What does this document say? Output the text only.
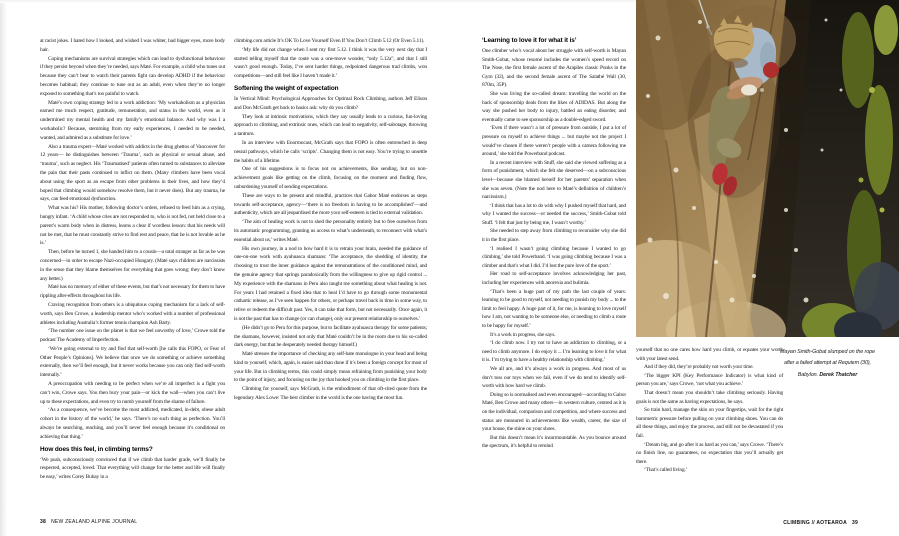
at racist jokes. I hated how I looked, and wished I was whiter, had bigger eyes, more body hair.

Coping mechanisms are survival strategies which can lead to dysfunctional behaviour if they persist beyond when they’re needed, says Maté. For example, a child who tunes out because they can’t bear to watch their parents fight can develop ADHD if the behaviour becomes habitual; they continue to tune out as an adult, even when they’re no longer exposed to something that’s too painful to watch.

Maté’s own coping strategy led to a work addiction: ‘My workaholism as a physician earned me much respect, gratitude, remuneration, and status in the world, even as it undermined my mental health and my family’s emotional balance. And why was I a workaholic? Because, stemming from my early experiences, I needed to be needed, wanted, and admired as a substitute for love.’

Also a trauma expert—Maté worked with addicts in the drug ghettos of Vancouver for 12 years— he distinguishes between ‘Trauma’, such as physical or sexual abuse, and ‘trauma’, such as neglect. His ‘Traumatised’ patients often turned to substances to alleviate the pain that their pasts continued to inflict on them. (Many climbers have been vocal about using the sport as an escape from other problems in their lives, and how they’d hoped that climbing would somehow resolve them, but it never does). But any trauma, he says, can feed emotional dysfunction.

What was his? His mother, following doctor’s orders, refused to feed him as a crying, hungry infant. ‘A child whose cries are not responded to, who is not fed, not held close to a parent’s warm body when in distress, learns a clear if wordless lesson: that his needs will not be met, that he must constantly strive to find rest and peace, that he is not lovable as he is.’

Then, before he turned 1, she handed him to a cousin—a total stranger as far as he was concerned—in order to escape Nazi-occupied Hungary. (Maté says children are narcissists in the sense that they blame themselves for everything that goes wrong; they don’t know any better.)

Maté has no memory of either of these events, but that’s not necessary for them to have rippling after-effects throughout his life.

Craving recognition from others is a ubiquitous coping mechanism for a lack of self-worth, says Ben Crowe, a leadership mentor who’s worked with a number of professional athletes including Australia’s former tennis champion Ash Barty.

‘The number one issue on the planet is that we feel unworthy of love,’ Crowe told the podcast The Academy of Imperfection.

‘We’re going external to try and find that self-worth [he calls this FOPO, or Fear of Other People’s Opinions]. We believe that once we do something or achieve something externally, then we’ll feel enough, but it never works because you can only find self-worth internally.’

A preoccupation with needing to be perfect when we’re all imperfect is a fight you can’t win, Crowe says. You then bury your pain—or kick the wall—when you can’t live up to these expectations, and even try to numb yourself from the shame of failure.

‘As a consequence, we’ve become the most addicted, medicated, in-debt, obese adult cohort in the history of the world,’ he says. ‘There’s no such thing as perfection. You’ll always be searching, reaching, and you’ll never feel enough because it’s conditional on achieving that thing.’

How does this feel, in climbing terms?

‘We push, subconsciously convinced that if we climb that harder grade, we’ll finally be respected, accepted, loved. That everything will change for the better and life will finally be easy,’ writes Corey Buhay in a

climbing.com article It’s OK To Love Yourself Even If You Don’t Climb 5.12 (Or Even 5.11).

‘My life did not change when I sent my first 5.12. I think it was the very next day that I started telling myself that the route was a one-move wonder, “only 5.12a”, and that I still wasn’t good enough. Today, I’ve sent harder things, redpointed dangerous trad climbs, won competitions—and still feel like I haven’t made it.’

Softening the weight of expectation

In Vertical Mind: Psychological Approaches for Optimal Rock Climbing, authors Jeff Elison and Don McGrath get back to basics ask: why do you climb?

They look at intrinsic motivations, which they say usually leads to a curious, fun-loving approach to climbing, and extrinsic ones, which can lead to negativity, self-sabotage, throwing a tantrum.

In an interview with Enormocast, McGrath says that FOPO is often entrenched in deep neural pathways, which he calls ‘scripts’. Changing them is not easy. You’re trying to unsettle the habits of a lifetime.

One of his suggestions is to focus not on achievements, like sending, but on non-achievement goals like getting on the climb, focusing on the moment and finding flow, unburdening yourself of sending expectations.

These are ways to be present and mindful, practices that Gabor Maté endorses as steps towards self-acceptance, agency—‘there is no freedom in having to be accomplished’—and authenticity, which are all jeopardised the more your self-esteem is tied to external validation.

‘The aim of healing work is not to shed the personality entirely but to free ourselves from its automatic programming, granting us access to what’s underneath, to reconnect with what’s essential about us,’ writes Maté.

His own journey, in a nod to how hard it is to retrain your brain, needed the guidance of one-on-one work with ayahuasca shamans: ‘The acceptance, the shedding of identity, the choosing to trust the inner guidance against the remonstrations of the conditioned mind, and the genuine agency that springs paradoxically from the willingness to give up rigid control ... My experience with the shamans in Peru also taught me something about what healing is not. For years I had retained a fixed idea that to heal I’d have to go through some monumental cathartic release, as I’ve seen happen for others, or perhaps travel back in time in some way, to relive or redeem the difficult past. Yes, it can take that form, but not necessarily. Once again, it is not the past that has to change (or can change), only our present relationship to ourselves.’

(He didn’t go to Peru for this purpose, but to facilitate ayahuasca therapy for some patients; the shamans, however, insisted not only that Maté couldn’t be in the room due to his so-called dark energy, but that he desperately needed therapy himself.)

Maté stresses the importance of checking any self-hate monologue in your head and being kind to yourself, which, again, is easier said than done if it’s been a foreign concept for most of your life. But in climbing terms, this could simply mean refraining from punishing your body to the point of injury, and focusing on the joy that hooked you on climbing in the first place.

Climbing for yourself, says McGrath, is the embodiment of that oft-cited quote from the legendary Alex Lowe: The best climber in the world is the one having the most fun.

38 NEW ZEALAND ALPINE JOURNAL
‘Learning to love it for what it is’

One climber who’s vocal about her struggle with self-worth is Mayan Smith-Gobat, whose resumé includes the women’s speed record on The Nose, the first female ascent of the Arapiles classic Punks in the Gym (32), and the second female ascent of The Salathé Wall (30, 870m, 35P).

She was living the so-called dream: travelling the world on the back of sponsorship deals from the likes of ADIDAS. But along the way she pushed her body to injury, battled an eating disorder, and eventually came to see sponsorship as a double-edged sword.

‘Even if there wasn’t a lot of pressure from outside, I put a lot of pressure on myself to achieve things ... but maybe not the project I would’ve chosen if there weren’t people with a camera following me around,’ she told the Powerband podcast.

In a recent interview with Stuff, she said she viewed suffering as a form of punishment, which she felt she deserved—on a subconscious level—because she blamed herself for her parents’ separation when she was seven. (Note the nod here to Maté’s definition of children’s narcissism.)

‘I think that has a lot to do with why I pushed myself that hard, and why I wanted the success—or needed the success,’ Smith-Gobat told Stuff. ‘I felt that just by being me, I wasn’t worthy.’

She needed to step away from climbing to reconsider why she did it in the first place.

‘I realised I wasn’t going climbing because I wanted to go climbing,’ she told Powerband. ‘I was going climbing because I was a climber and that’s what I did. I’d lost the pure love of the sport.’

Her road to self-acceptance involves acknowledging her past, including her experiences with anorexia and bulimia.

‘That’s been a huge part of my path the last couple of years: learning to be good to myself, not needing to punish my body ... to the limit to feel happy. A huge part of it, for me, is learning to love myself how I am, not wanting to be someone else, or needing to climb a route to be happy for myself.’

It’s a work in progress, she says.

‘I do climb now. I try not to have an addiction to climbing, or a need to climb anymore. I do enjoy it ... I’m learning to love it for what it is. I’m trying to have a healthy relationship with climbing.’

We all are, and it’s always a work in progress. And most of us don’t toss our toys when we fail, even if we do tend to identify self-worth with how hard we climb.

Doing so is normalised and even encouraged—according to Gabor Maté, Ben Crowe and many others—in western culture, centred as it is on the individual, comparison and competition, and where success and status are measured in achievements like wealth, career, the size of your house, the shine on your shoes.

But this doesn’t mean it’s insurmountable. As you bounce around the spectrum, it’s helpful to remind

yourself that no one cares how hard you climb, or equates your worth with your latest send.

And if they did, they’re probably not worth your time.

‘The bigger KPI (Key Performance Indicator) is what kind of person you are,’ says Crowe, ‘not what you achieve.’

That doesn’t mean you shouldn’t take climbing seriously. Having goals is not the same as having expectations, he says.

So train hard, manage the skin on your fingertips, wait for the right barometric pressure before pulling on your climbing shoes. You can do all these things, and enjoy the process, and still not be devastated if you fail.

‘Dream big, and go after it as hard as you can,’ says Crowe. ‘There’s no finish line, no guarantees, no expectation that you’ll actually get there.

‘That’s called living.’

Mayan Smith-Gobat slumped on the rope after a failed attempt at Requiem (30), Babylon. Derek Thatcher
CLIMBING // AOTEAROA 39
